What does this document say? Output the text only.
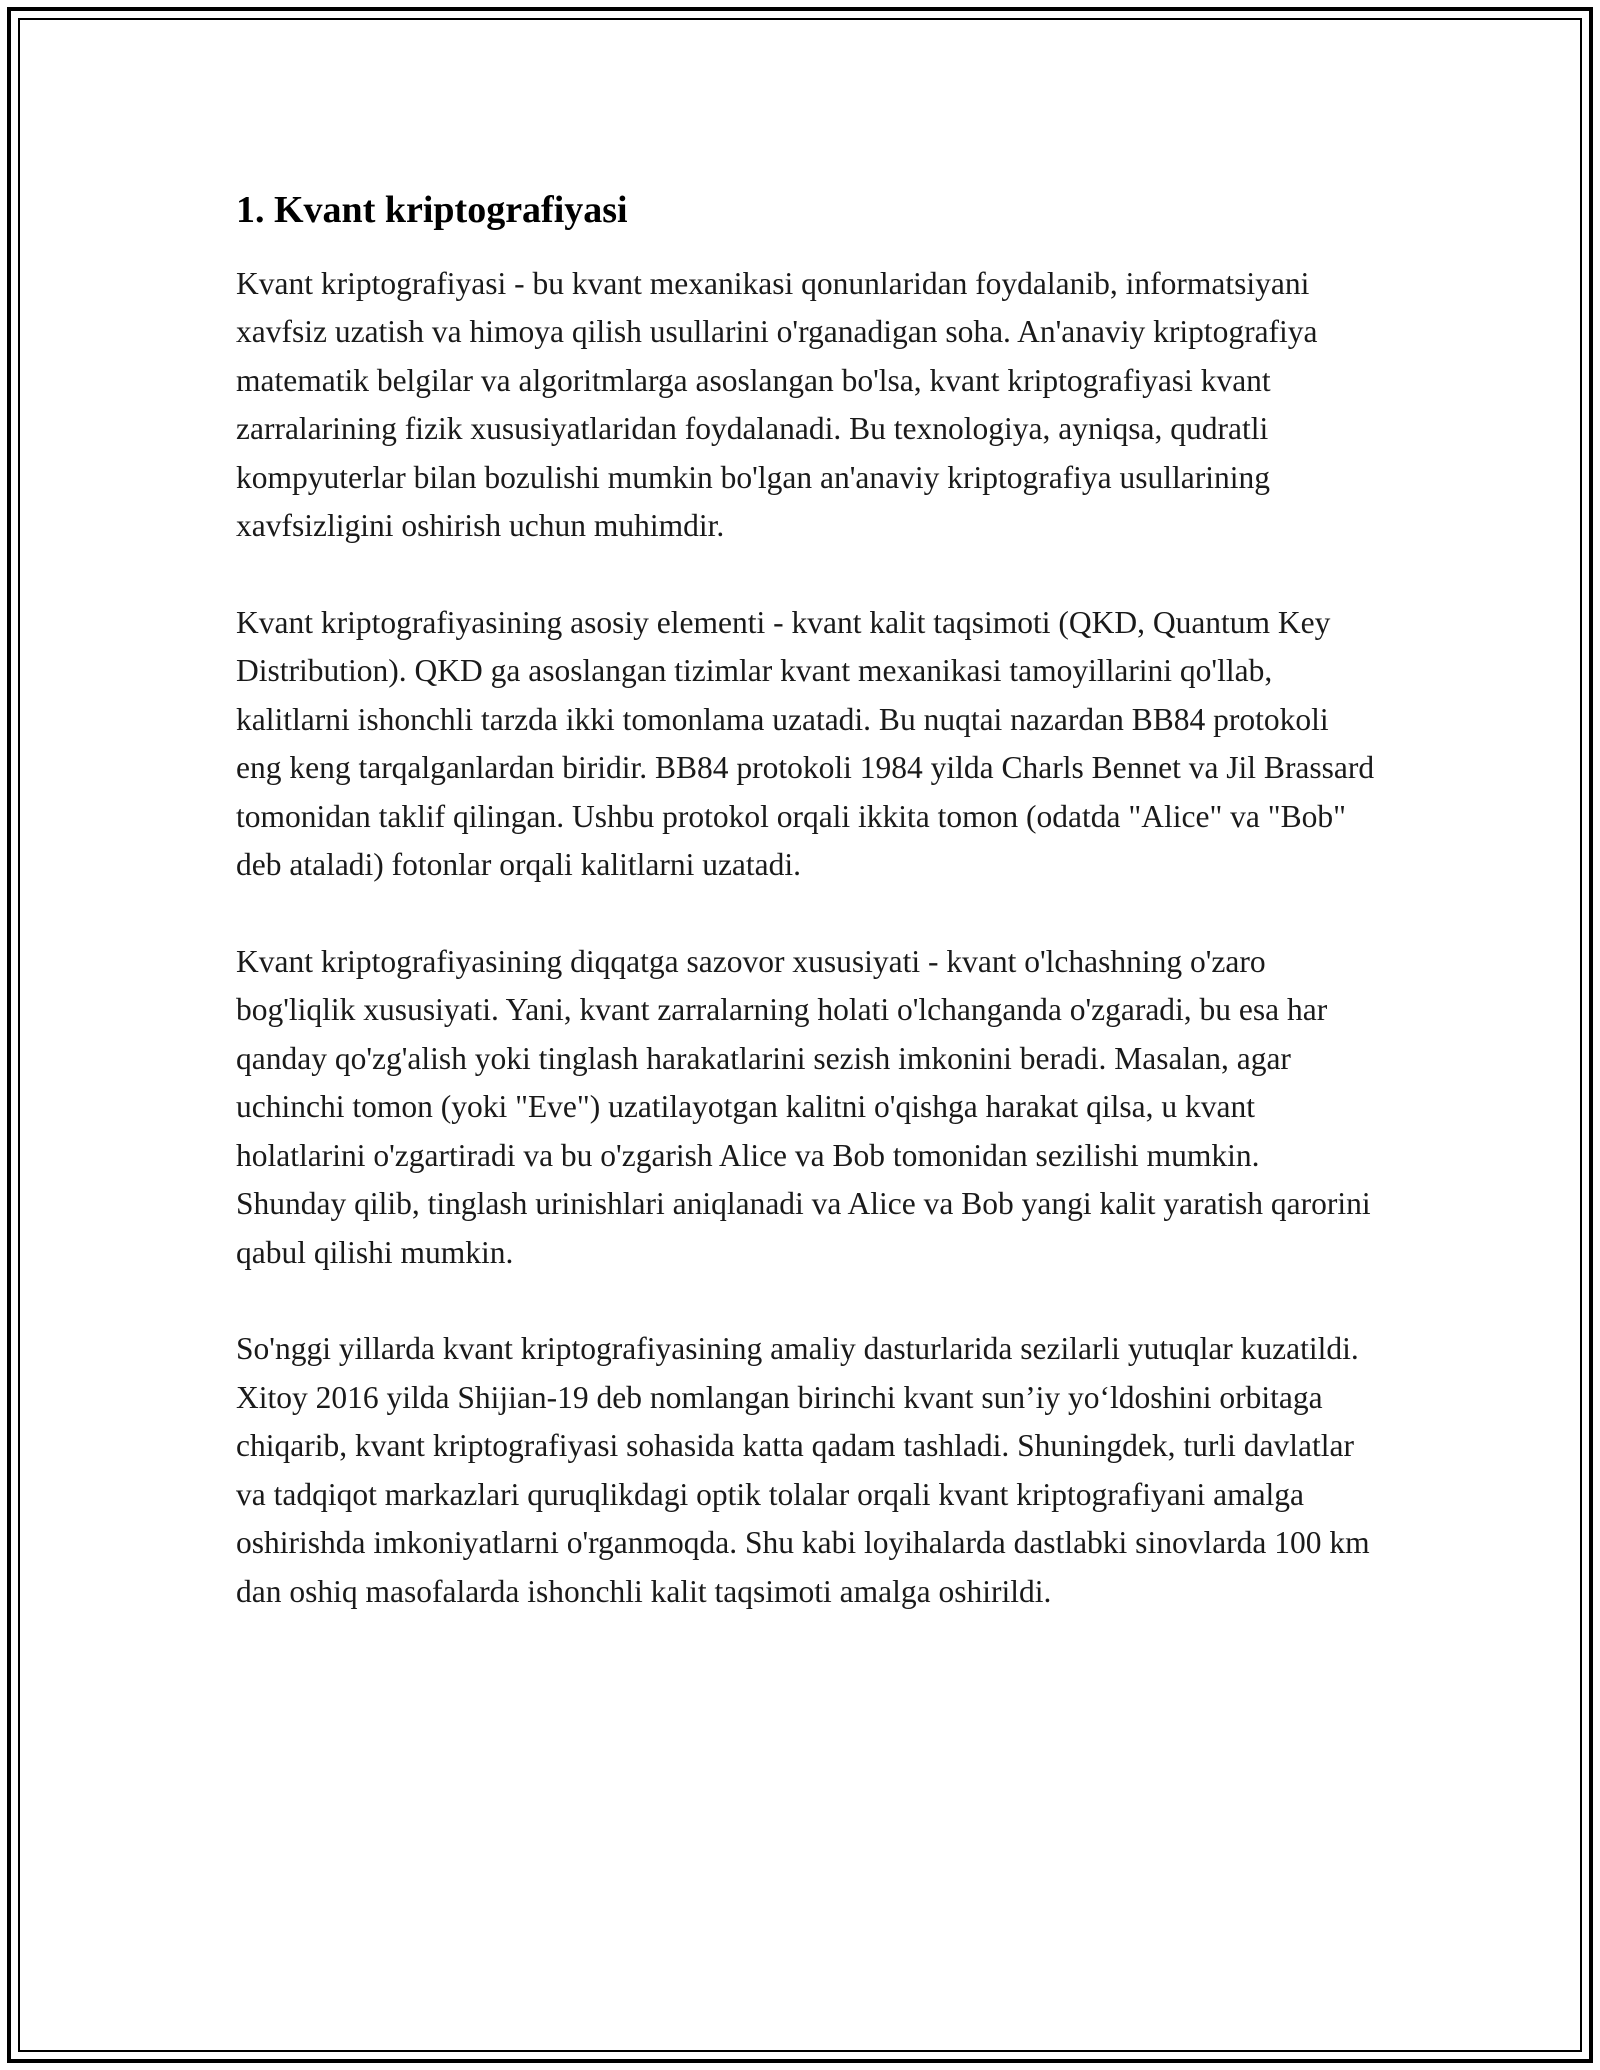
1. Kvant kriptografiyasi

Kvant kriptografiyasi - bu kvant mexanikasi qonunlaridan foydalanib, informatsiyani xavfsiz uzatish va himoya qilish usullarini o'rganadigan soha. An'anaviy kriptografiya matematik belgilar va algoritmlarga asoslangan bo'lsa, kvant kriptografiyasi kvant zarralarining fizik xususiyatlaridan foydalanadi. Bu texnologiya, ayniqsa, qudratli kompyuterlar bilan bozulishi mumkin bo'lgan an'anaviy kriptografiya usullarining xavfsizligini oshirish uchun muhimdir.

Kvant kriptografiyasining asosiy elementi - kvant kalit taqsimoti (QKD, Quantum Key Distribution). QKD ga asoslangan tizimlar kvant mexanikasi tamoyillarini qo'llab, kalitlarni ishonchli tarzda ikki tomonlama uzatadi. Bu nuqtai nazardan BB84 protokoli eng keng tarqalganlardan biridir. BB84 protokoli 1984 yilda Charls Bennet va Jil Brassard tomonidan taklif qilingan. Ushbu protokol orqali ikkita tomon (odatda "Alice" va "Bob" deb ataladi) fotonlar orqali kalitlarni uzatadi.

Kvant kriptografiyasining diqqatga sazovor xususiyati - kvant o'lchashning o'zaro bog'liqlik xususiyati. Yani, kvant zarralarning holati o'lchanganda o'zgaradi, bu esa har qanday qo'zg'alish yoki tinglash harakatlarini sezish imkonini beradi. Masalan, agar uchinchi tomon (yoki "Eve") uzatilayotgan kalitni o'qishga harakat qilsa, u kvant holatlarini o'zgartiradi va bu o'zgarish Alice va Bob tomonidan sezilishi mumkin. Shunday qilib, tinglash urinishlari aniqlanadi va Alice va Bob yangi kalit yaratish qarorini qabul qilishi mumkin.

So'nggi yillarda kvant kriptografiyasining amaliy dasturlarida sezilarli yutuqlar kuzatildi. Xitoy 2016 yilda Shijian-19 deb nomlangan birinchi kvant sun’iy yo‘ldoshini orbitaga chiqarib, kvant kriptografiyasi sohasida katta qadam tashladi. Shuningdek, turli davlatlar va tadqiqot markazlari quruqlikdagi optik tolalar orqali kvant kriptografiyani amalga oshirishda imkoniyatlarni o'rganmoqda. Shu kabi loyihalarda dastlabki sinovlarda 100 km dan oshiq masofalarda ishonchli kalit taqsimoti amalga oshirildi.
